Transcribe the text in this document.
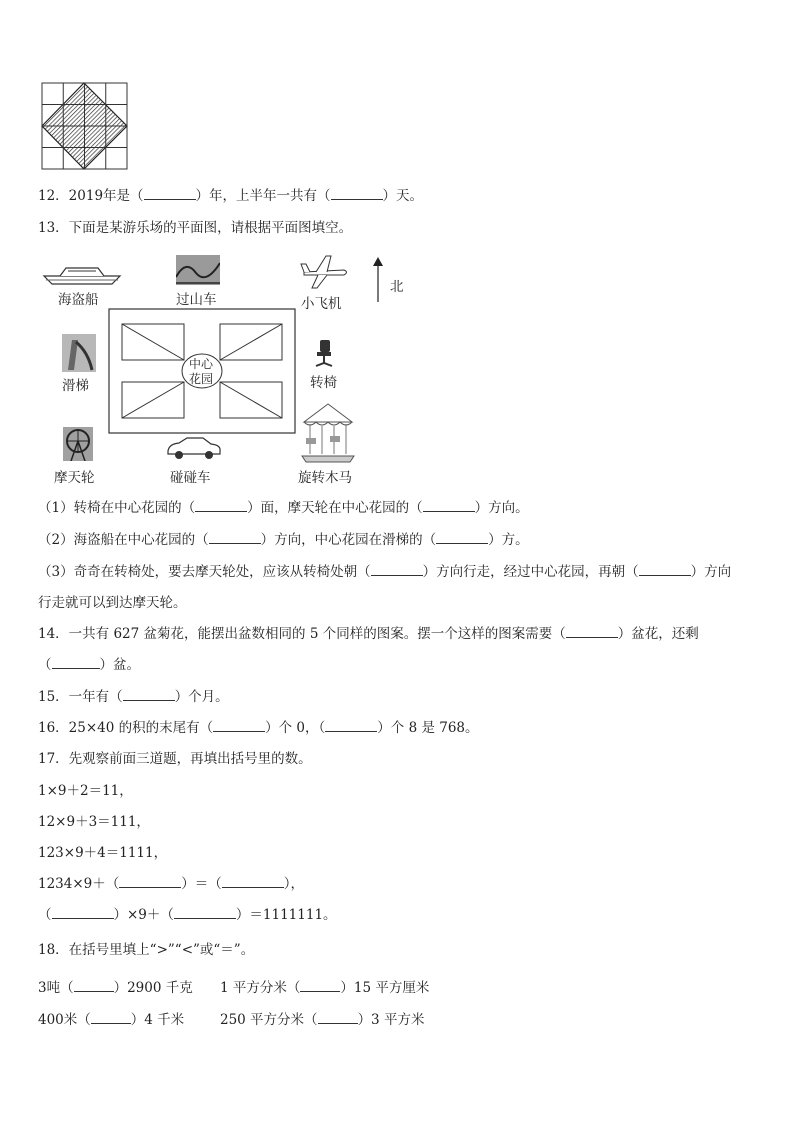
12．2019年是（	）年，上半年一共有（	）天。
13．下面是某游乐场的平面图，请根据平面图填空。
海盗船	过山车	小飞机
北
中心
花园
滑梯	转椅
摩天轮	碰碰车	旋转木马
（1）转椅在中心花园的（	）面，摩天轮在中心花园的（	）方向。
（2）海盗船在中心花园的（	）方向，中心花园在滑梯的（	）方。
（3）奇奇在转椅处，要去摩天轮处，应该从转椅处朝（	）方向行走，经过中心花园，再朝（	）方向
行走就可以到达摩天轮。
14．一共有 627 盆菊花，能摆出盆数相同的 5 个同样的图案。摆一个这样的图案需要（	）盆花，还剩
（	）盆。
15．一年有（	）个月。
16．25×40 的积的末尾有（	）个 0，（	）个 8 是 768。
17．先观察前面三道题，再填出括号里的数。
1×9＋2＝11，
12×9＋3＝111，
123×9＋4＝1111，
1234×9＋（	）＝（	），
（	）×9＋（	）＝1111111。
18．在括号里填上“>”“<”或“＝”。
3吨（	）2900 千克 1 平方分米（	）15 平方厘米
400米（	）4 千米	250 平方分米（	）3 平方米
